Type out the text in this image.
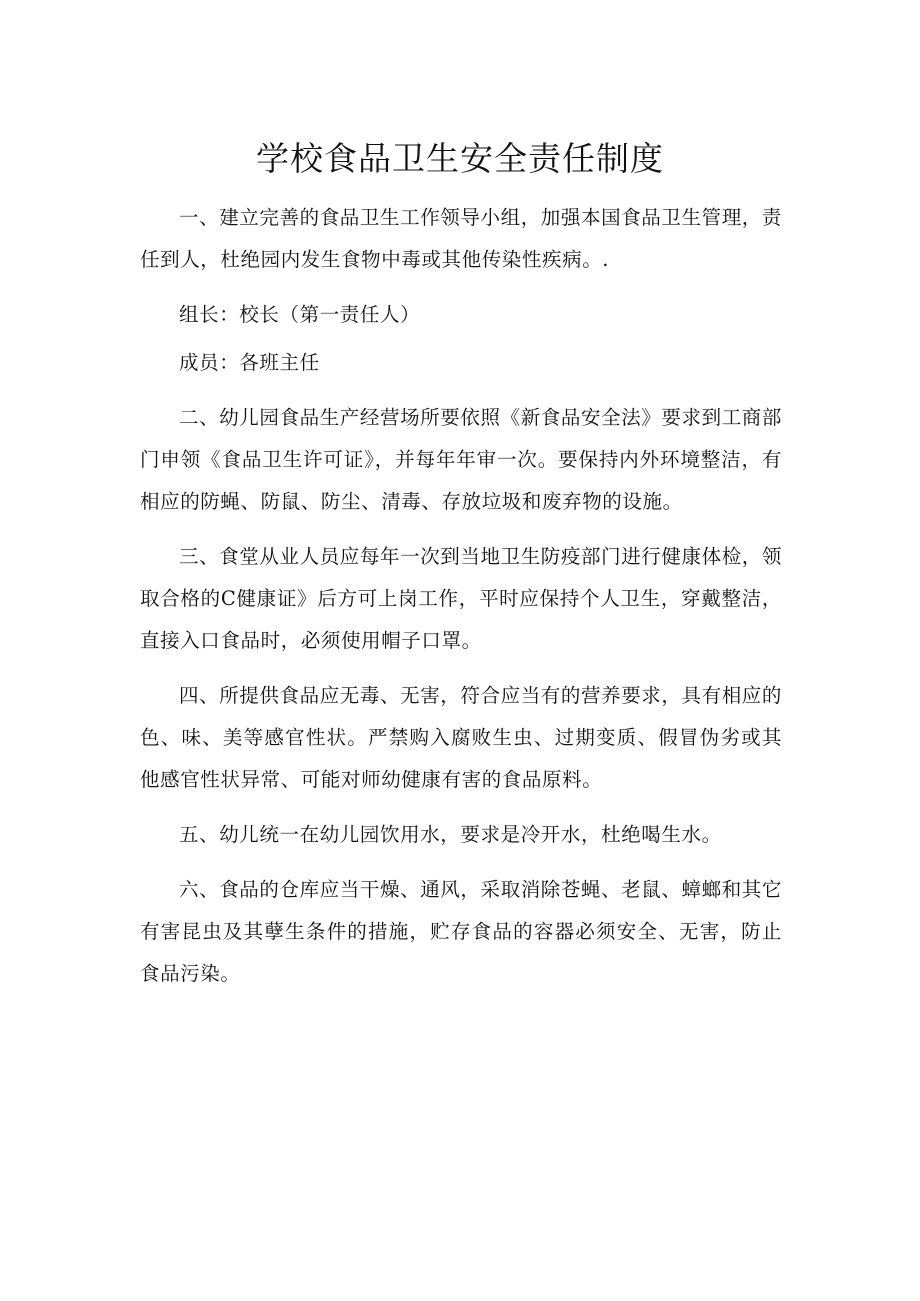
学校食品卫生安全责任制度

一、建立完善的食品卫生工作领导小组，加强本国食品卫生管理，责任到人，杜绝园内发生食物中毒或其他传染性疾病。.

组长：校长（第一责任人）

成员：各班主任

二、幼儿园食品生产经营场所要依照《新食品安全法》要求到工商部门申领《食品卫生许可证》，并每年年审一次。要保持内外环境整洁，有相应的防蝇、防鼠、防尘、清毒、存放垃圾和废弃物的设施。

三、食堂从业人员应每年一次到当地卫生防疫部门进行健康体检，领取合格的C健康证》后方可上岗工作，平时应保持个人卫生，穿戴整洁，直接入口食品时，必须使用帽子口罩。

四、所提供食品应无毒、无害，符合应当有的营养要求，具有相应的色、味、美等感官性状。严禁购入腐败生虫、过期变质、假冒伪劣或其他感官性状异常、可能对师幼健康有害的食品原料。

五、幼儿统一在幼儿园饮用水，要求是冷开水，杜绝喝生水。

六、食品的仓库应当干燥、通风，采取消除苍蝇、老鼠、蟑螂和其它有害昆虫及其孽生条件的措施，贮存食品的容器必须安全、无害，防止食品污染。
